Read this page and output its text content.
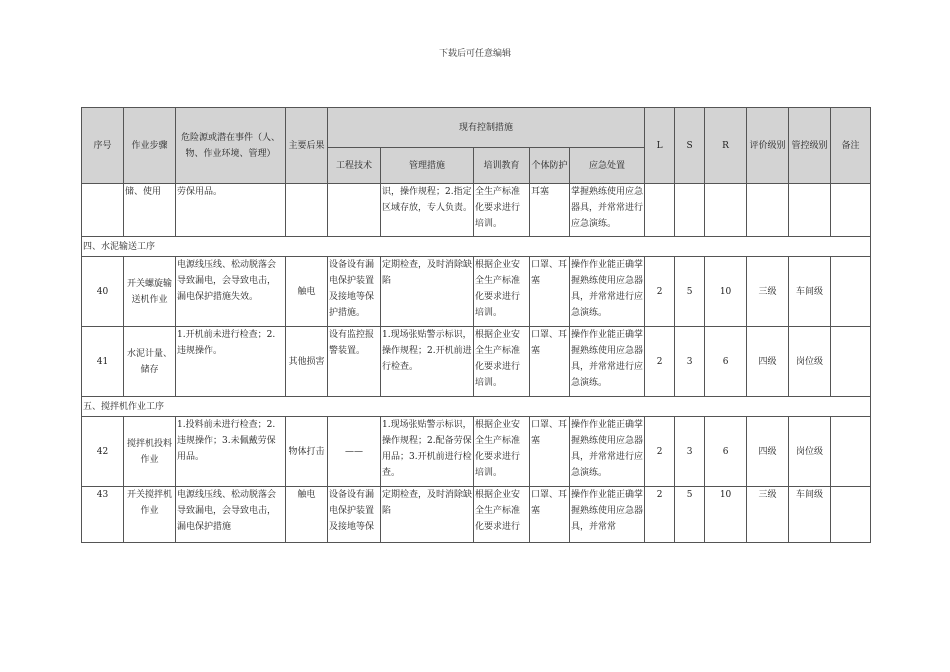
下载后可任意编辑
序号	作业步骤	危险源或潜在事件（人、物、作业环境、管理）	主要后果	现有控制措施					L	S	R	评价级别	管控级别	备注
				工程技术	管理措施	培训教育	个体防护	应急处置						
	储、使用	劳保用品。			识，操作规程；2.指定区域存放，专人负责。	全生产标准化要求进行培训。	耳塞	掌握熟练使用应急器具，并常常进行应急演练。						
四、水泥输送工序														
40	开关螺旋输送机作业	电源线压线、松动脱落会导致漏电，会导致电击，漏电保护措施失效。	触电	设备设有漏电保护装置及接地等保护措施。	定期检查，及时消除缺陷	根据企业安全生产标准化要求进行培训。	口罩、耳塞	操作作业能正确掌握熟练使用应急器具，并常常进行应急演练。	2	5	10	三级	车间级	
41	水泥计量、储存	1.开机前未进行检查；2.违规操作。	其他损害	设有监控报警装置。	1.现场张贴警示标识，操作规程；2.开机前进行检查。	根据企业安全生产标准化要求进行培训。	口罩、耳塞	操作作业能正确掌握熟练使用应急器具，并常常进行应急演练。	2	3	6	四级	岗位级	
五、搅拌机作业工序														
42	搅拌机投料作业	1.投料前未进行检查；2.违规操作；3.未佩戴劳保用品。	物体打击	——	1.现场张贴警示标识，操作规程；2.配备劳保用品；3.开机前进行检查。	根据企业安全生产标准化要求进行培训。	口罩、耳塞	操作作业能正确掌握熟练使用应急器具，并常常进行应急演练。	2	3	6	四级	岗位级	
43	开关搅拌机作业	电源线压线、松动脱落会导致漏电，会导致电击，漏电保护措施	触电	设备设有漏电保护装置及接地等保	定期检查，及时消除缺陷	根据企业安全生产标准化要求进行	口罩、耳塞	操作作业能正确掌握熟练使用应急器具，并常常	2	5	10	三级	车间级	
